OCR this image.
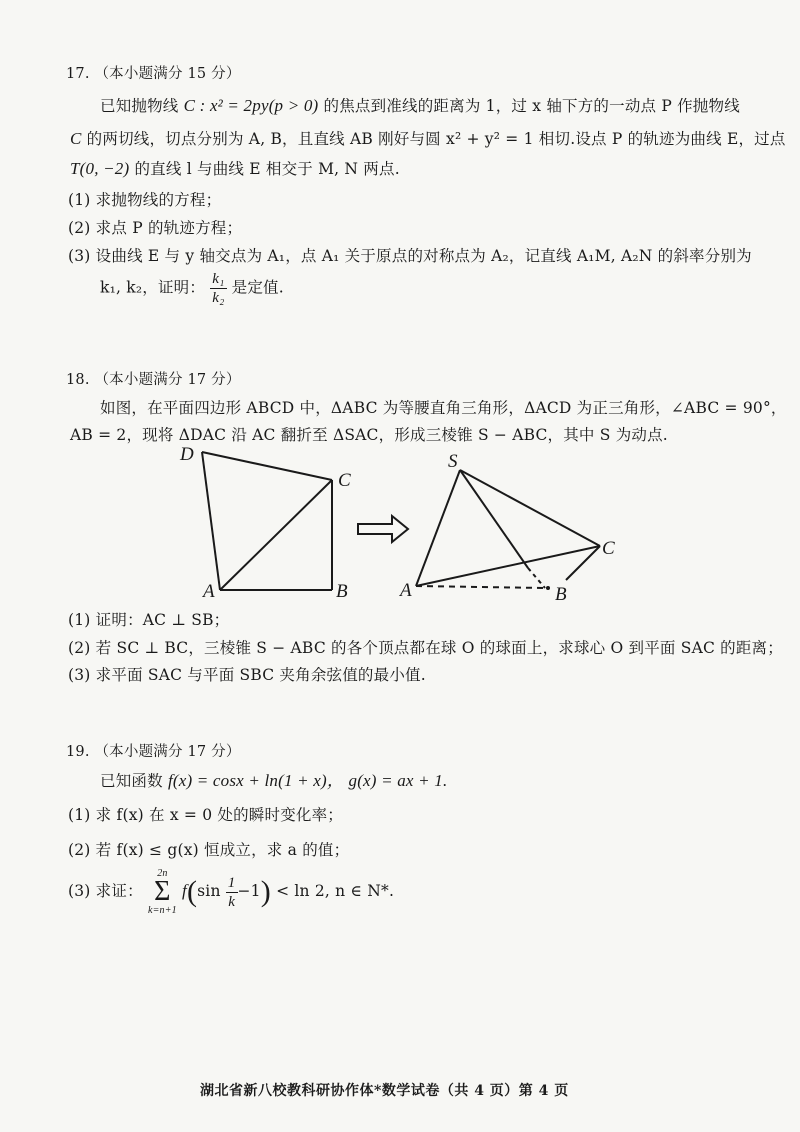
17. （本小题满分 15 分）
已知抛物线 C : x² = 2py(p > 0) 的焦点到准线的距离为 1，过 x 轴下方的一动点 P 作抛物线
C 的两切线，切点分别为 A, B，且直线 AB 刚好与圆 x² + y² = 1 相切.设点 P 的轨迹为曲线 E，过点
T(0, −2) 的直线 l 与曲线 E 相交于 M, N 两点.
(1) 求抛物线的方程；
(2) 求点 P 的轨迹方程；
(3) 设曲线 E 与 y 轴交点为 A₁，点 A₁ 关于原点的对称点为 A₂，记直线 A₁M, A₂N 的斜率分别为
k₁, k₂，证明： $\frac{\text{k₁}}{\text{k₂}}$ 是定值.
18. （本小题满分 17 分）
如图，在平面四边形 ABCD 中，ΔABC 为等腰直角三角形，ΔACD 为正三角形，∠ABC = 90°，
AB = 2，现将 ΔDAC 沿 AC 翻折至 ΔSAC，形成三棱锥 S − ABC，其中 S 为动点.
D
C
A	B
S
C
A	B
(1) 证明：AC ⊥ SB；
(2) 若 SC ⊥ BC，三棱锥 S − ABC 的各个顶点都在球 O 的球面上，求球心 O 到平面 SAC 的距离；
(3) 求平面 SAC 与平面 SBC 夹角余弦值的最小值.
19. （本小题满分 17 分）
已知函数 f(x) = cosx + ln(1 + x)， g(x) = ax + 1.
(1) 求 f(x) 在 x = 0 处的瞬时变化率；
(2) 若 f(x) ≤ g(x) 恒成立，求 a 的值；
(3) 求证：
2n
Σ
k=n+1
$f(\sin \frac{1}{k} -1) < \ln 2$, n ∈ N*.
湖北省新八校教科研协作体*数学试卷（共 4 页）第 4 页
